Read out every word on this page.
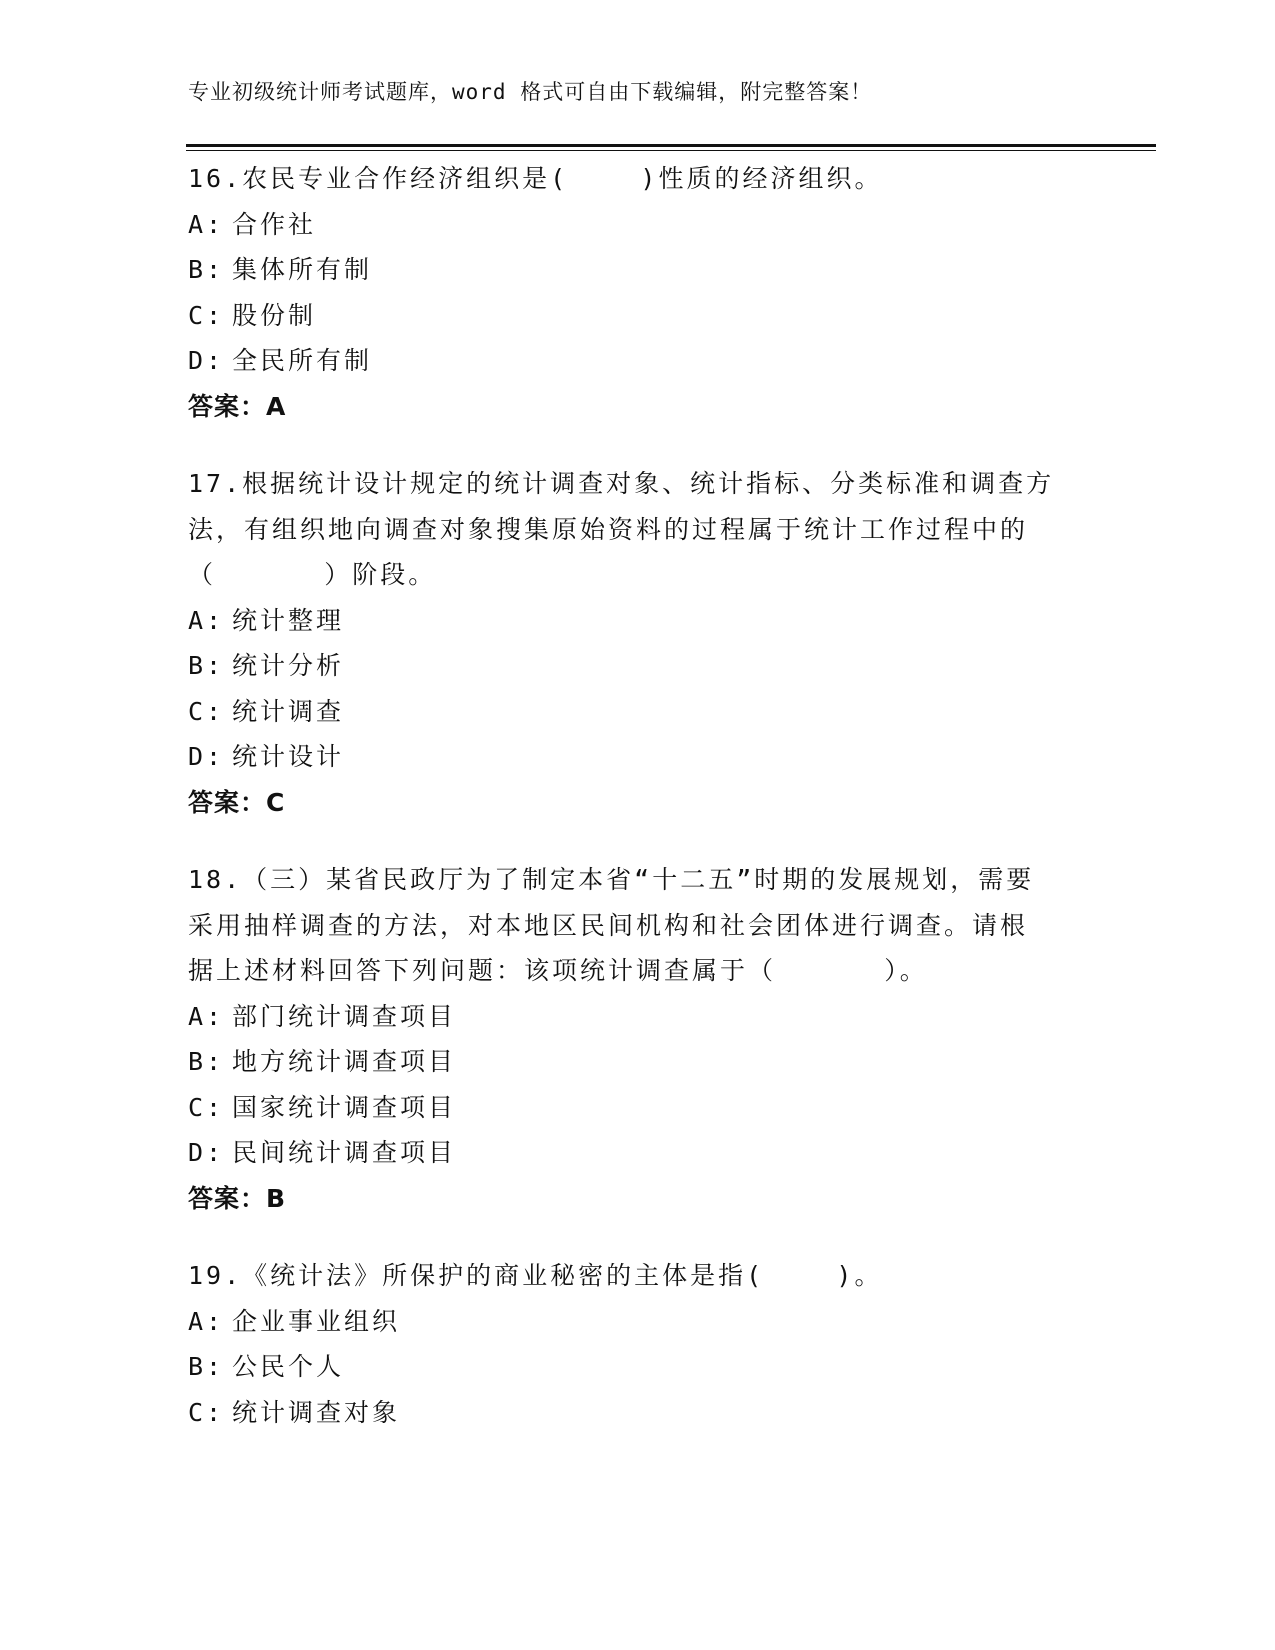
专业初级统计师考试题库，word 格式可自由下载编辑，附完整答案！
16.农民专业合作经济组织是(    )性质的经济组织。
A: 合作社
B: 集体所有制
C: 股份制
D: 全民所有制
答案：A
17.根据统计设计规定的统计调查对象、统计指标、分类标准和调查方
法，有组织地向调查对象搜集原始资料的过程属于统计工作过程中的
（      ）阶段。
A: 统计整理
B: 统计分析
C: 统计调查
D: 统计设计
答案：C
18.（三）某省民政厅为了制定本省“十二五”时期的发展规划，需要
采用抽样调查的方法，对本地区民间机构和社会团体进行调查。请根
据上述材料回答下列问题：该项统计调查属于（      ）。
A: 部门统计调查项目
B: 地方统计调查项目
C: 国家统计调查项目
D: 民间统计调查项目
答案：B
19.《统计法》所保护的商业秘密的主体是指(    )。
A: 企业事业组织
B: 公民个人
C: 统计调查对象
